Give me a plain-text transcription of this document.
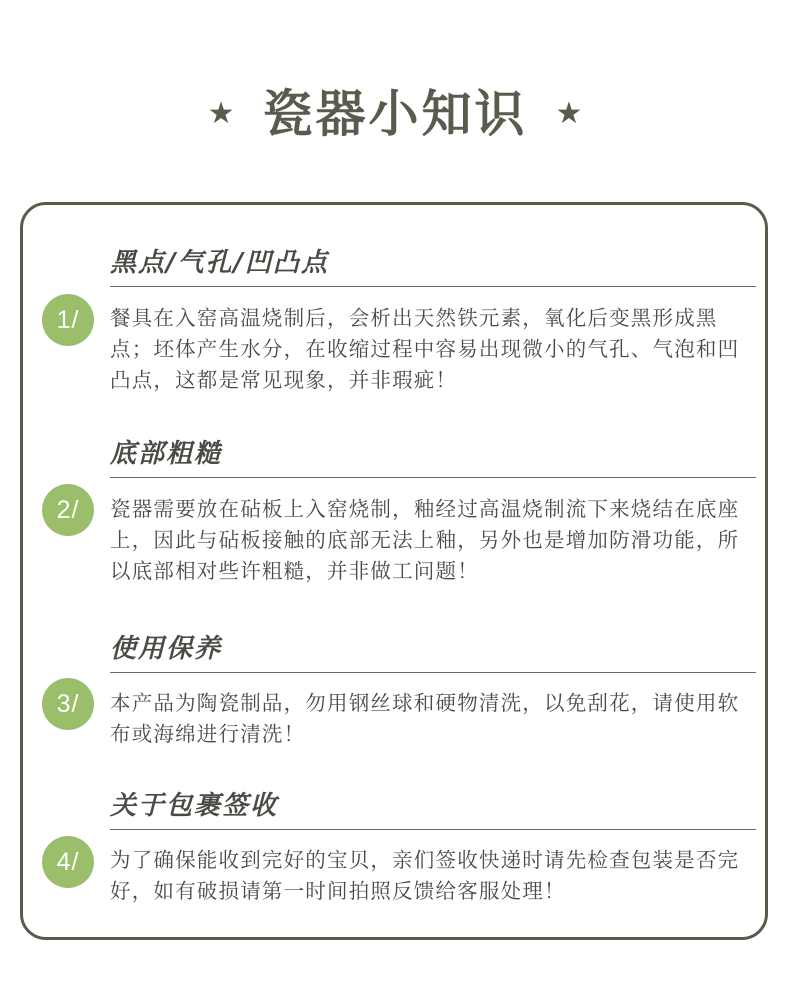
★ 瓷器小知识 ★
黑点/气孔/凹凸点
1/	餐具在入窑高温烧制后，会析出天然铁元素，氧化后变黑形成黑点；坯体产生水分，在收缩过程中容易出现微小的气孔、气泡和凹凸点，这都是常见现象，并非瑕疵！
底部粗糙
2/	瓷器需要放在砧板上入窑烧制，釉经过高温烧制流下来烧结在底座上，因此与砧板接触的底部无法上釉，另外也是增加防滑功能，所以底部相对些许粗糙，并非做工问题！
使用保养
3/	本产品为陶瓷制品，勿用钢丝球和硬物清洗，以免刮花，请使用软布或海绵进行清洗！
关于包裹签收
4/	为了确保能收到完好的宝贝，亲们签收快递时请先检查包装是否完好，如有破损请第一时间拍照反馈给客服处理！
